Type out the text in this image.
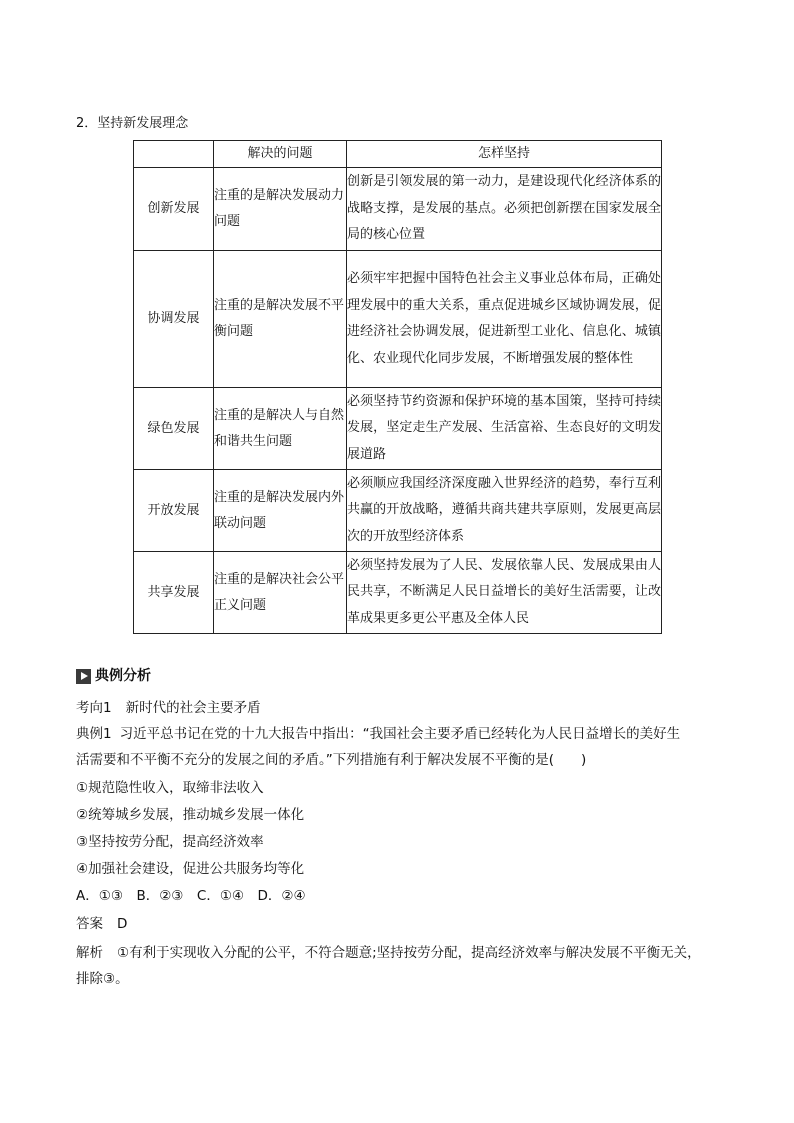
2．坚持新发展理念
	解决的问题	怎样坚持
创新发展	注重的是解决发展动力问题	创新是引领发展的第一动力，是建设现代化经济体系的战略支撑，是发展的基点。必须把创新摆在国家发展全局的核心位置
协调发展	注重的是解决发展不平衡问题	必须牢牢把握中国特色社会主义事业总体布局，正确处理发展中的重大关系，重点促进城乡区域协调发展，促进经济社会协调发展，促进新型工业化、信息化、城镇化、农业现代化同步发展，不断增强发展的整体性
绿色发展	注重的是解决人与自然和谐共生问题	必须坚持节约资源和保护环境的基本国策，坚持可持续发展，坚定走生产发展、生活富裕、生态良好的文明发展道路
开放发展	注重的是解决发展内外联动问题	必须顺应我国经济深度融入世界经济的趋势，奉行互利共赢的开放战略，遵循共商共建共享原则，发展更高层次的开放型经济体系
共享发展	注重的是解决社会公平正义问题	必须坚持发展为了人民、发展依靠人民、发展成果由人民共享，不断满足人民日益增长的美好生活需要，让改革成果更多更公平惠及全体人民
典例分析
考向1 新时代的社会主要矛盾
典例1 习近平总书记在党的十九大报告中指出：“我国社会主要矛盾已经转化为人民日益增长的美好生
活需要和不平衡不充分的发展之间的矛盾。”下列措施有利于解决发展不平衡的是(　　)
①规范隐性收入，取缔非法收入
②统筹城乡发展，推动城乡发展一体化
③坚持按劳分配，提高经济效率
④加强社会建设，促进公共服务均等化
A．①③　B．②③　C．①④　D．②④
答案 D
解析 ①有利于实现收入分配的公平，不符合题意;坚持按劳分配，提高经济效率与解决发展不平衡无关，
排除③。
